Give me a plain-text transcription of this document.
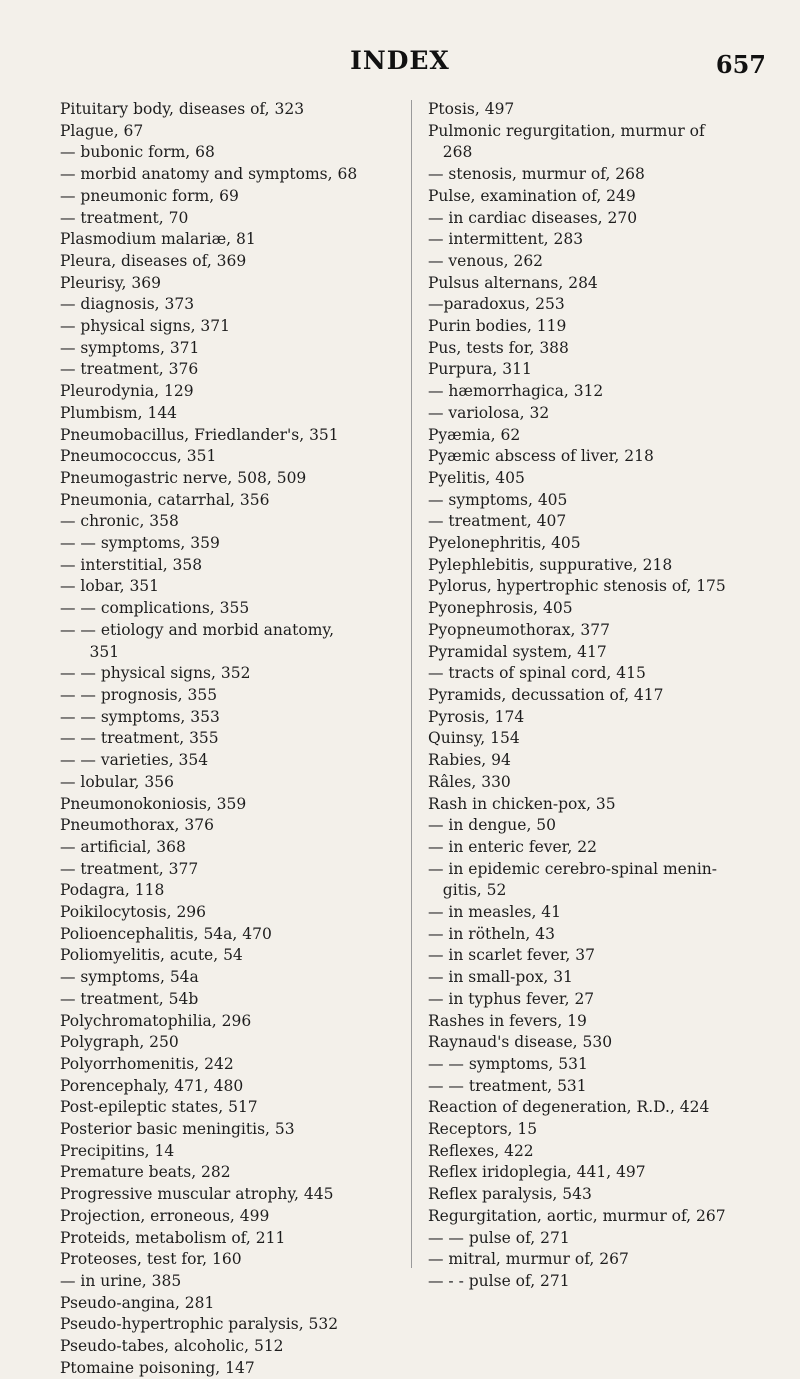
INDEX	657
Pituitary body, diseases of, 323
Plague, 67
— bubonic form, 68
— morbid anatomy and symptoms, 68
— pneumonic form, 69
— treatment, 70
Plasmodium malariæ, 81
Pleura, diseases of, 369
Pleurisy, 369
— diagnosis, 373
— physical signs, 371
— symptoms, 371
— treatment, 376
Pleurodynia, 129
Plumbism, 144
Pneumobacillus, Friedlander's, 351
Pneumococcus, 351
Pneumogastric nerve, 508, 509
Pneumonia, catarrhal, 356
— chronic, 358
— — symptoms, 359
— interstitial, 358
— lobar, 351
— — complications, 355
— — etiology and morbid anatomy,
351
— — physical signs, 352
— — prognosis, 355
— — symptoms, 353
— — treatment, 355
— — varieties, 354
— lobular, 356
Pneumonokoniosis, 359
Pneumothorax, 376
— artificial, 368
— treatment, 377
Podagra, 118
Poikilocytosis, 296
Polioencephalitis, 54a, 470
Poliomyelitis, acute, 54
— symptoms, 54a
— treatment, 54b
Polychromatophilia, 296
Polygraph, 250
Polyorrhomenitis, 242
Porencephaly, 471, 480
Post-epileptic states, 517
Posterior basic meningitis, 53
Precipitins, 14
Premature beats, 282
Progressive muscular atrophy, 445
Projection, erroneous, 499
Proteids, metabolism of, 211
Proteoses, test for, 160
— in urine, 385
Pseudo-angina, 281
Pseudo-hypertrophic paralysis, 532
Pseudo-tabes, alcoholic, 512
Ptomaine poisoning, 147
Ptosis, 497
Pulmonic regurgitation, murmur of
268
— stenosis, murmur of, 268
Pulse, examination of, 249
— in cardiac diseases, 270
— intermittent, 283
— venous, 262
Pulsus alternans, 284
—paradoxus, 253
Purin bodies, 119
Pus, tests for, 388
Purpura, 311
— hæmorrhagica, 312
— variolosa, 32
Pyæmia, 62
Pyæmic abscess of liver, 218
Pyelitis, 405
— symptoms, 405
— treatment, 407
Pyelonephritis, 405
Pylephlebitis, suppurative, 218
Pylorus, hypertrophic stenosis of, 175
Pyonephrosis, 405
Pyopneumothorax, 377
Pyramidal system, 417
— tracts of spinal cord, 415
Pyramids, decussation of, 417
Pyrosis, 174
Quinsy, 154
Rabies, 94
Râles, 330
Rash in chicken-pox, 35
— in dengue, 50
— in enteric fever, 22
— in epidemic cerebro-spinal menin-
gitis, 52
— in measles, 41
— in rötheln, 43
— in scarlet fever, 37
— in small-pox, 31
— in typhus fever, 27
Rashes in fevers, 19
Raynaud's disease, 530
— — symptoms, 531
— — treatment, 531
Reaction of degeneration, R.D., 424
Receptors, 15
Reflexes, 422
Reflex iridoplegia, 441, 497
Reflex paralysis, 543
Regurgitation, aortic, murmur of, 267
— — pulse of, 271
— mitral, murmur of, 267
— - - pulse of, 271
